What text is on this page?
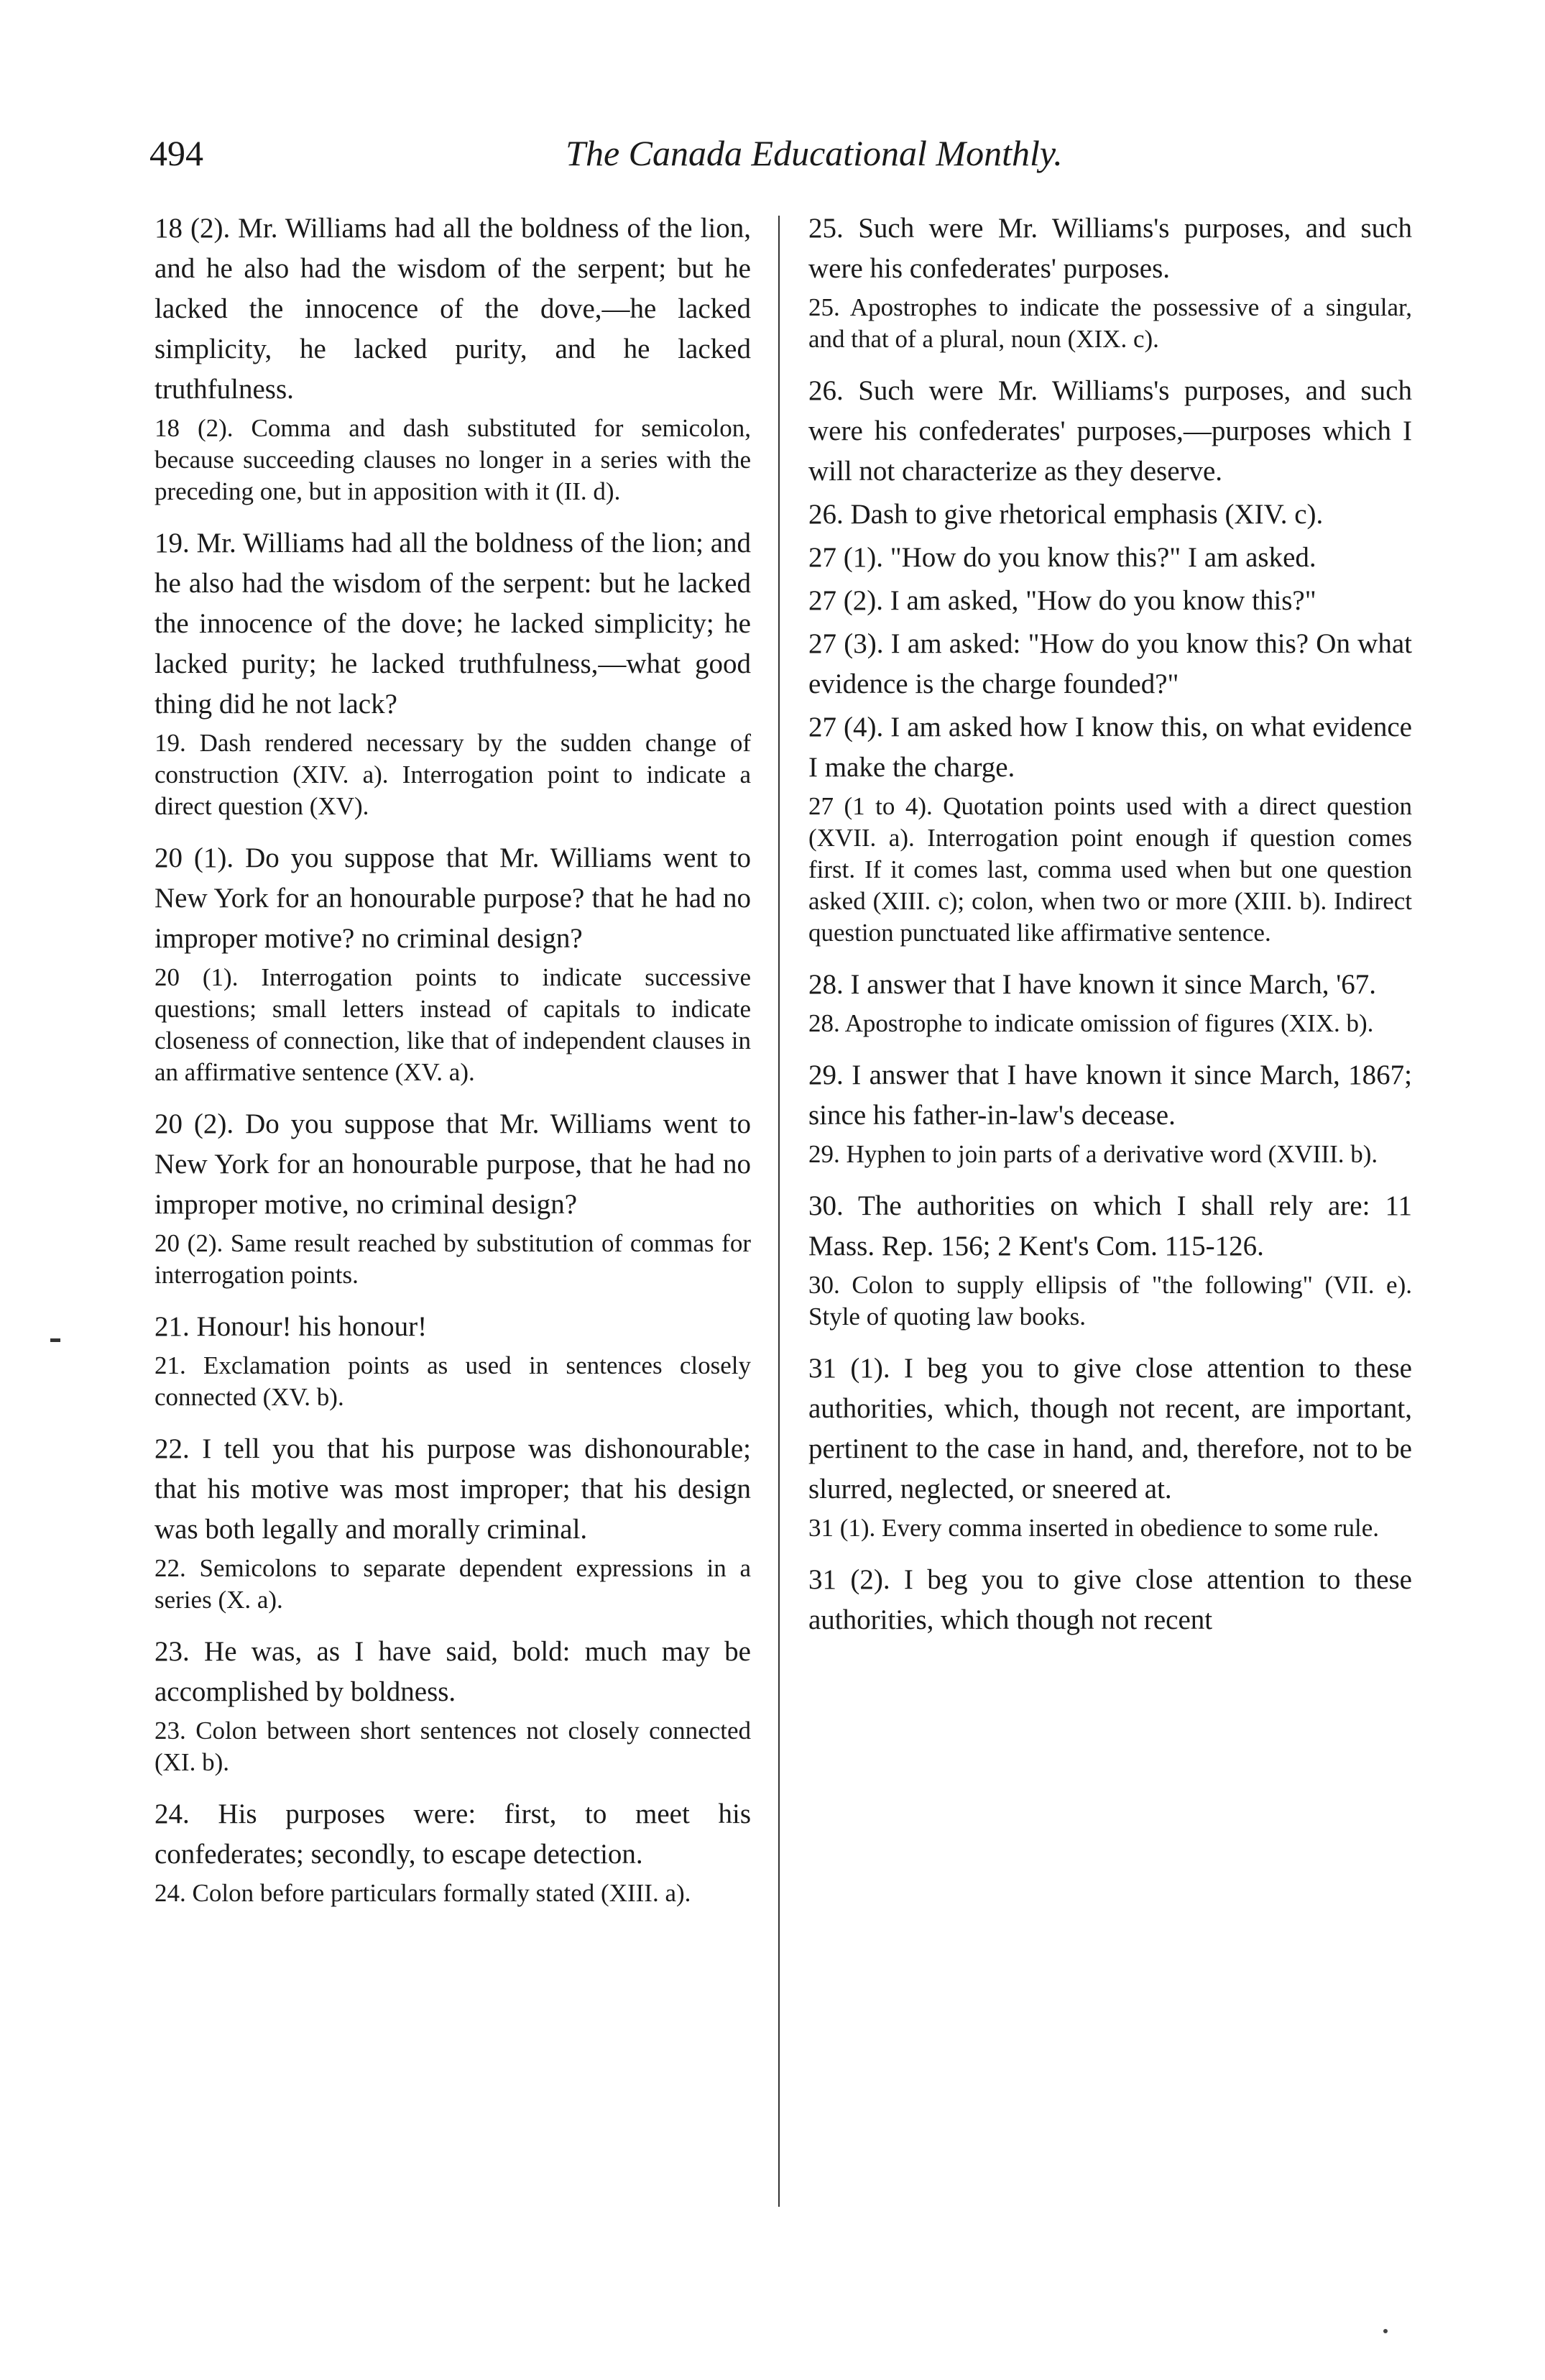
494	The Canada Educational Monthly.

18 (2). Mr. Williams had all the boldness of the lion, and he also had the wisdom of the serpent; but he lacked the innocence of the dove,—he lacked simplicity, he lacked purity, and he lacked truthfulness.

18 (2). Comma and dash substituted for semicolon, because succeeding clauses no longer in a series with the preceding one, but in apposition with it (II. d).

19. Mr. Williams had all the boldness of the lion; and he also had the wisdom of the serpent: but he lacked the innocence of the dove; he lacked simplicity; he lacked purity; he lacked truthfulness,—what good thing did he not lack?

19. Dash rendered necessary by the sudden change of construction (XIV. a). Interrogation point to indicate a direct question (XV).

20 (1). Do you suppose that Mr. Williams went to New York for an honourable purpose? that he had no improper motive? no criminal design?

20 (1). Interrogation points to indicate successive questions; small letters instead of capitals to indicate closeness of connection, like that of independent clauses in an affirmative sentence (XV. a).

20 (2). Do you suppose that Mr. Williams went to New York for an honourable purpose, that he had no improper motive, no criminal design?

20 (2). Same result reached by substitution of commas for interrogation points.

21. Honour! his honour!

21. Exclamation points as used in sentences closely connected (XV. b).

22. I tell you that his purpose was dishonourable; that his motive was most improper; that his design was both legally and morally criminal.

22. Semicolons to separate dependent expressions in a series (X. a).

23. He was, as I have said, bold: much may be accomplished by boldness.

23. Colon between short sentences not closely connected (XI. b).

24. His purposes were: first, to meet his confederates; secondly, to escape detection.

24. Colon before particulars formally stated (XIII. a).

25. Such were Mr. Williams's purposes, and such were his confederates' purposes.

25. Apostrophes to indicate the possessive of a singular, and that of a plural, noun (XIX. c).

26. Such were Mr. Williams's purposes, and such were his confederates' purposes,—purposes which I will not characterize as they deserve.

26. Dash to give rhetorical emphasis (XIV. c).

27 (1). "How do you know this?" I am asked.

27 (2). I am asked, "How do you know this?"

27 (3). I am asked: "How do you know this? On what evidence is the charge founded?"

27 (4). I am asked how I know this, on what evidence I make the charge.

27 (1 to 4). Quotation points used with a direct question (XVII. a). Interrogation point enough if question comes first. If it comes last, comma used when but one question asked (XIII. c); colon, when two or more (XIII. b). Indirect question punctuated like affirmative sentence.

28. I answer that I have known it since March, '67.

28. Apostrophe to indicate omission of figures (XIX. b).

29. I answer that I have known it since March, 1867; since his father-in-law's decease.

29. Hyphen to join parts of a derivative word (XVIII. b).

30. The authorities on which I shall rely are: 11 Mass. Rep. 156; 2 Kent's Com. 115-126.

30. Colon to supply ellipsis of "the following" (VII. e). Style of quoting law books.

31 (1). I beg you to give close attention to these authorities, which, though not recent, are important, pertinent to the case in hand, and, therefore, not to be slurred, neglected, or sneered at.

31 (1). Every comma inserted in obedience to some rule.

31 (2). I beg you to give close attention to these authorities, which though not recent
